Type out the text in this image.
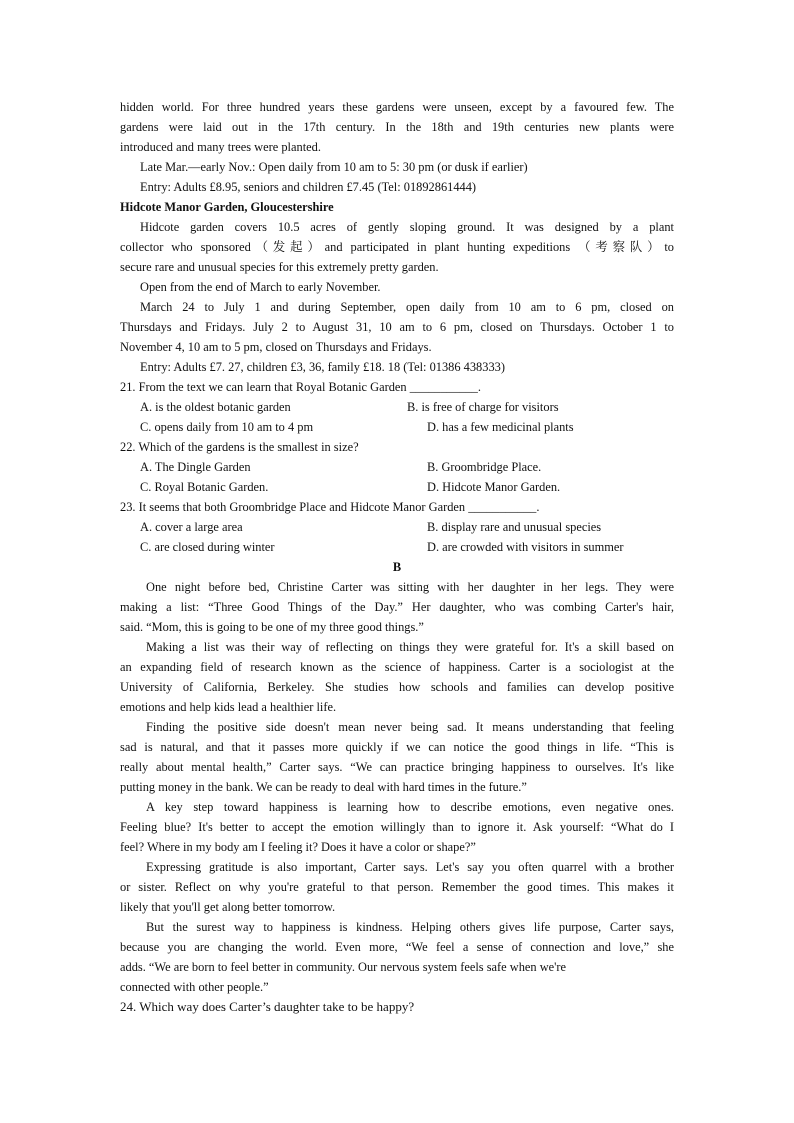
hidden world. For three hundred years these gardens were unseen, except by a favoured few. The
gardens were laid out in the 17th century. In the 18th and 19th centuries new plants were
introduced and many trees were planted.
Late Mar.—early Nov.: Open daily from 10 am to 5: 30 pm (or dusk if earlier)
Entry: Adults £8.95, seniors and children £7.45 (Tel: 01892861444)
Hidcote Manor Garden, Gloucestershire
Hidcote garden covers 10.5 acres of gently sloping ground. It was designed by a plant
collector who sponsored（发起）and participated in plant hunting expeditions （考察队）to
secure rare and unusual species for this extremely pretty garden.
Open from the end of March to early November.
March 24 to July 1 and during September, open daily from 10 am to 6 pm, closed on
Thursdays and Fridays. July 2 to August 31, 10 am to 6 pm, closed on Thursdays. October 1 to
November 4, 10 am to 5 pm, closed on Thursdays and Fridays.
Entry: Adults £7. 27, children £3, 36, family £18. 18 (Tel: 01386 438333)
21. From the text we can learn that Royal Botanic Garden ___________.
A. is the oldest botanic garden	B. is free of charge for visitors
C. opens daily from 10 am to 4 pm	D. has a few medicinal plants
22. Which of the gardens is the smallest in size?
A. The Dingle Garden	B. Groombridge Place.
C. Royal Botanic Garden.	D. Hidcote Manor Garden.
23. It seems that both Groombridge Place and Hidcote Manor Garden ___________.
A. cover a large area	B. display rare and unusual species
C. are closed during winter	D. are crowded with visitors in summer
B
One night before bed, Christine Carter was sitting with her daughter in her legs. They were
making a list: “Three Good Things of the Day.” Her daughter, who was combing Carter's hair,
said. “Mom, this is going to be one of my three good things.”
Making a list was their way of reflecting on things they were grateful for. It's a skill based on
an expanding field of research known as the science of happiness. Carter is a sociologist at the
University of California, Berkeley. She studies how schools and families can develop positive
emotions and help kids lead a healthier life.
Finding the positive side doesn't mean never being sad. It means understanding that feeling
sad is natural, and that it passes more quickly if we can notice the good things in life. “This is
really about mental health,” Carter says. “We can practice bringing happiness to ourselves. It's like
putting money in the bank. We can be ready to deal with hard times in the future.”
A key step toward happiness is learning how to describe emotions, even negative ones.
Feeling blue? It's better to accept the emotion willingly than to ignore it. Ask yourself: “What do I
feel? Where in my body am I feeling it? Does it have a color or shape?”
Expressing gratitude is also important, Carter says. Let's say you often quarrel with a brother
or sister. Reflect on why you're grateful to that person. Remember the good times. This makes it
likely that you'll get along better tomorrow.
But the surest way to happiness is kindness. Helping others gives life purpose, Carter says,
because you are changing the world. Even more, “We feel a sense of connection and love,” she
adds. “We are born to feel better in community. Our nervous system feels safe when we're
connected with other people.”
24. Which way does Carter’s daughter take to be happy?
